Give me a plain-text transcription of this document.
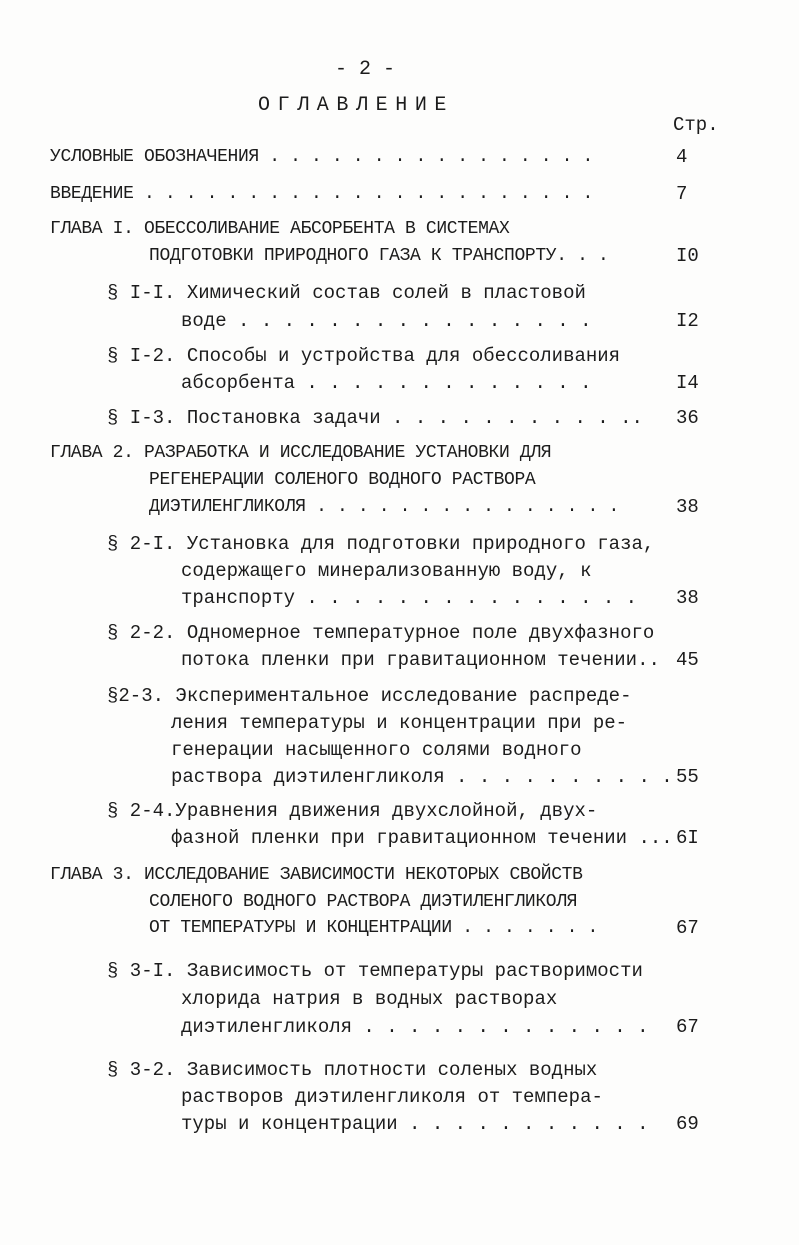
- 2 -
ОГЛАВЛЕНИЕ
Стр.
УСЛОВНЫЕ ОБОЗНАЧЕНИЯ . . . . . . . . . . . . . . . .	4
ВВЕДЕНИЕ . . . . . . . . . . . . . . . . . . . . . .	7
ГЛАВА I. ОБЕССОЛИВАНИЕ АБСОРБЕНТА В СИСТЕМАХ
ПОДГОТОВКИ ПРИРОДНОГО ГАЗА К ТРАНСПОРТУ. . .	I0
§ I-I. Химический состав солей в пластовой
воде . . . . . . . . . . . . . . . .	I2
§ I-2. Способы и устройства для обессоливания
абсорбента . . . . . . . . . . . . .	I4
§ I-3. Постановка задачи . . . . . . . . . . .. 36
ГЛАВА 2. РАЗРАБОТКА И ИССЛЕДОВАНИЕ УСТАНОВКИ ДЛЯ
РЕГЕНЕРАЦИИ СОЛЕНОГО ВОДНОГО РАСТВОРА
ДИЭТИЛЕНГЛИКОЛЯ . . . . . . . . . . . . . . .	38
§ 2-I. Установка для подготовки природного газа,
содержащего минерализованную воду, к
транспорту . . . . . . . . . . . . . . . 38
§ 2-2. Одномерное температурное поле двухфазного
потока пленки при гравитационном течении.. 45
§2-3. Экспериментальное исследование распреде-
ления температуры и концентрации при ре-
генерации насыщенного солями водного
раствора диэтиленгликоля . . . . . . . . . . 55
§ 2-4.Уравнения движения двухслойной, двух-
фазной пленки при гравитационном течении ... 6I
ГЛАВА 3. ИССЛЕДОВАНИЕ ЗАВИСИМОСТИ НЕКОТОРЫХ СВОЙСТВ
СОЛЕНОГО ВОДНОГО РАСТВОРА ДИЭТИЛЕНГЛИКОЛЯ
ОТ ТЕМПЕРАТУРЫ И КОНЦЕНТРАЦИИ . . . . . . .	67
§ 3-I. Зависимость от температуры растворимости
хлорида натрия в водных растворах
диэтиленгликоля . . . . . . . . . . . . . 67
§ 3-2. Зависимость плотности соленых водных
растворов диэтиленгликоля от темпера-
туры и концентрации . . . . . . . . . . . 69
